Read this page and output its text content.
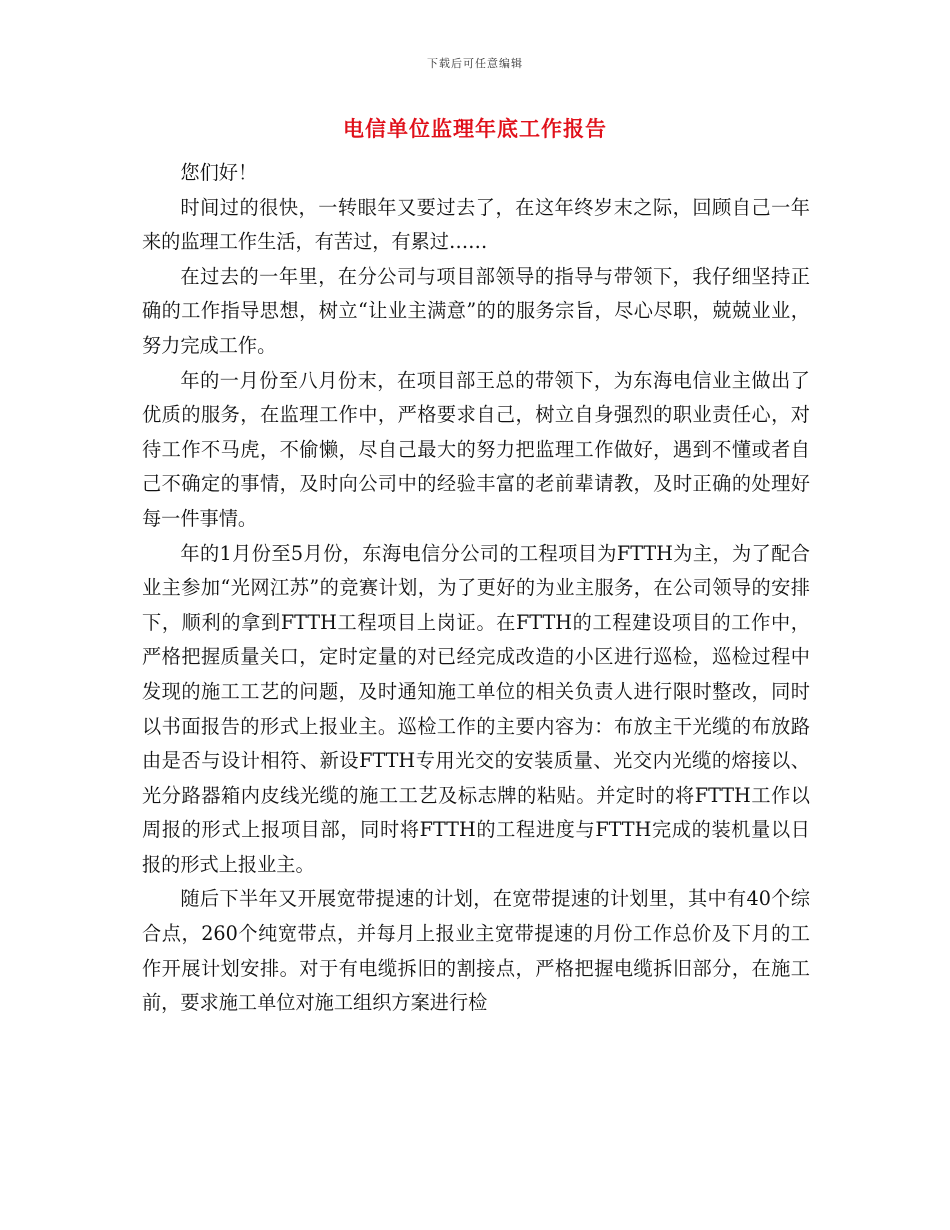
下载后可任意编辑
电信单位监理年底工作报告

您们好！

时间过的很快，一转眼年又要过去了，在这年终岁末之际，回顾自己一年来的监理工作生活，有苦过，有累过……

在过去的一年里，在分公司与项目部领导的指导与带领下，我仔细坚持正确的工作指导思想，树立“让业主满意”的的服务宗旨，尽心尽职，兢兢业业，努力完成工作。

年的一月份至八月份末，在项目部王总的带领下，为东海电信业主做出了优质的服务，在监理工作中，严格要求自己，树立自身强烈的职业责任心，对待工作不马虎，不偷懒，尽自己最大的努力把监理工作做好，遇到不懂或者自己不确定的事情，及时向公司中的经验丰富的老前辈请教，及时正确的处理好每一件事情。

年的1月份至5月份，东海电信分公司的工程项目为FTTH为主，为了配合业主参加“光网江苏”的竞赛计划，为了更好的为业主服务，在公司领导的安排下，顺利的拿到FTTH工程项目上岗证。在FTTH的工程建设项目的工作中，严格把握质量关口，定时定量的对已经完成改造的小区进行巡检，巡检过程中发现的施工工艺的问题，及时通知施工单位的相关负责人进行限时整改，同时以书面报告的形式上报业主。巡检工作的主要内容为：布放主干光缆的布放路由是否与设计相符、新设FTTH专用光交的安装质量、光交内光缆的熔接以、光分路器箱内皮线光缆的施工工艺及标志牌的粘贴。并定时的将FTTH工作以周报的形式上报项目部，同时将FTTH的工程进度与FTTH完成的装机量以日报的形式上报业主。

随后下半年又开展宽带提速的计划，在宽带提速的计划里，其中有40个综合点，260个纯宽带点，并每月上报业主宽带提速的月份工作总价及下月的工作开展计划安排。对于有电缆拆旧的割接点，严格把握电缆拆旧部分，在施工前，要求施工单位对施工组织方案进行检
